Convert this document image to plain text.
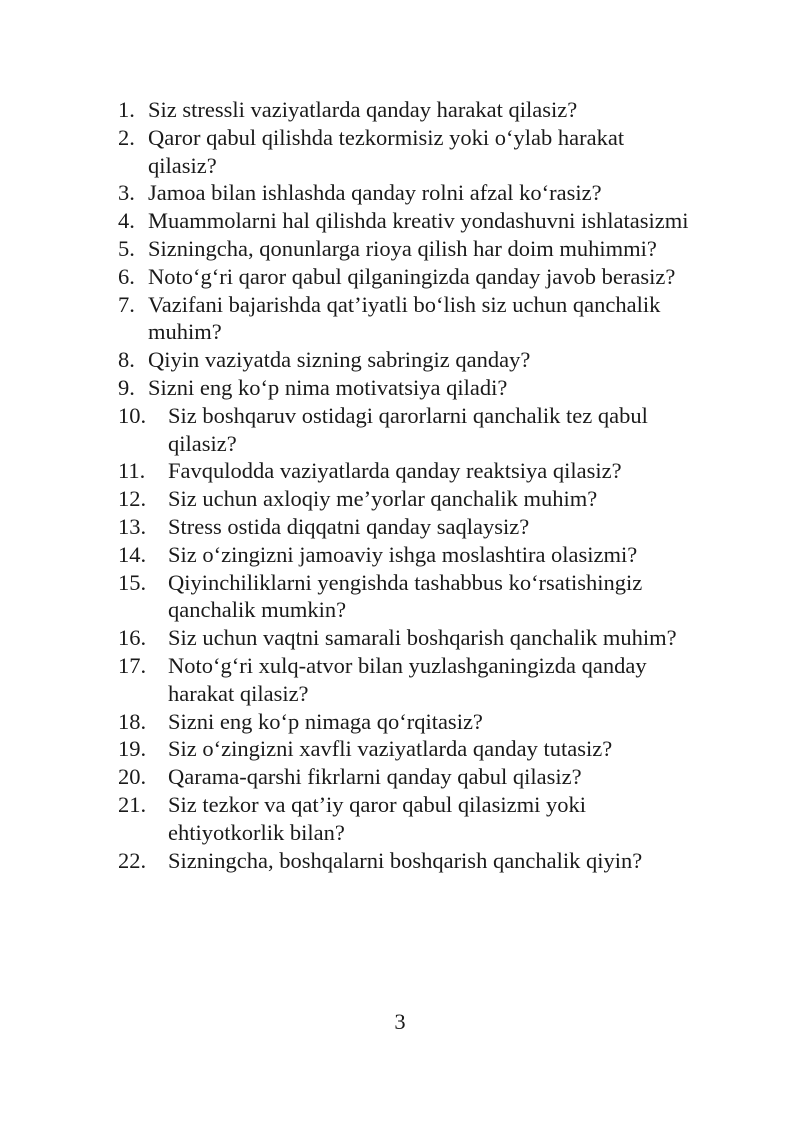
1. Siz stressli vaziyatlarda qanday harakat qilasiz?
2. Qaror qabul qilishda tezkormisiz yoki o‘ylab harakat qilasiz?
3. Jamoa bilan ishlashda qanday rolni afzal ko‘rasiz?
4. Muammolarni hal qilishda kreativ yondashuvni ishlatasizmi
5. Sizningcha, qonunlarga rioya qilish har doim muhimmi?
6. Noto‘g‘ri qaror qabul qilganingizda qanday javob berasiz?
7. Vazifani bajarishda qat’iyatli bo‘lish siz uchun qanchalik muhim?
8. Qiyin vaziyatda sizning sabringiz qanday?
9. Sizni eng ko‘p nima motivatsiya qiladi?
10. Siz boshqaruv ostidagi qarorlarni qanchalik tez qabul qilasiz?
11.	Favqulodda vaziyatlarda qanday reaktsiya qilasiz?
12. Siz uchun axloqiy me’yorlar qanchalik muhim?
13. Stress ostida diqqatni qanday saqlaysiz?
14. Siz o‘zingizni jamoaviy ishga moslashtira olasizmi?
15. Qiyinchiliklarni yengishda tashabbus ko‘rsatishingiz qanchalik mumkin?
16. Siz uchun vaqtni samarali boshqarish qanchalik muhim?
17. Noto‘g‘ri xulq-atvor bilan yuzlashganingizda qanday harakat qilasiz?
18. Sizni eng ko‘p nimaga qo‘rqitasiz?
19. Siz o‘zingizni xavfli vaziyatlarda qanday tutasiz?
20. Qarama-qarshi fikrlarni qanday qabul qilasiz?
21. Siz tezkor va qat’iy qaror qabul qilasizmi yoki ehtiyotkorlik bilan?
22. Sizningcha, boshqalarni boshqarish qanchalik qiyin?
3
